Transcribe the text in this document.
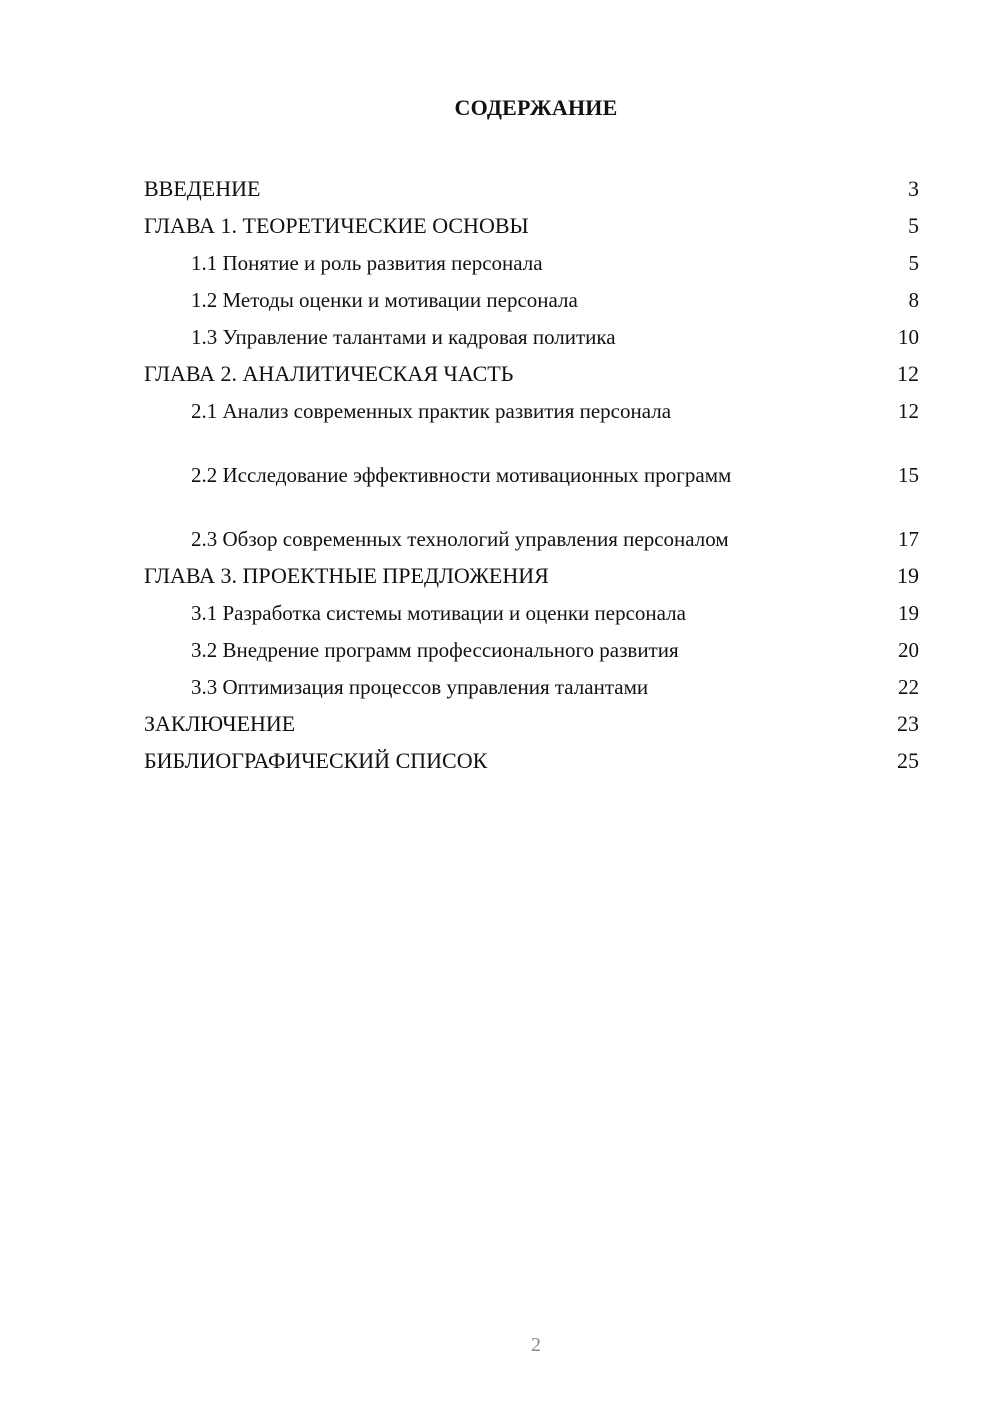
СОДЕРЖАНИЕ
ВВЕДЕНИЕ	3
ГЛАВА 1. ТЕОРЕТИЧЕСКИЕ ОСНОВЫ	5
1.1 Понятие и роль развития персонала	5
1.2 Методы оценки и мотивации персонала	8
1.3 Управление талантами и кадровая политика	10
ГЛАВА 2. АНАЛИТИЧЕСКАЯ ЧАСТЬ	12
2.1 Анализ современных практик развития персонала	12
2.2 Исследование эффективности мотивационных программ	15
2.3 Обзор современных технологий управления персоналом	17
ГЛАВА 3. ПРОЕКТНЫЕ ПРЕДЛОЖЕНИЯ	19
3.1 Разработка системы мотивации и оценки персонала	19
3.2 Внедрение программ профессионального развития	20
3.3 Оптимизация процессов управления талантами	22
ЗАКЛЮЧЕНИЕ	23
БИБЛИОГРАФИЧЕСКИЙ СПИСОК	25
2
